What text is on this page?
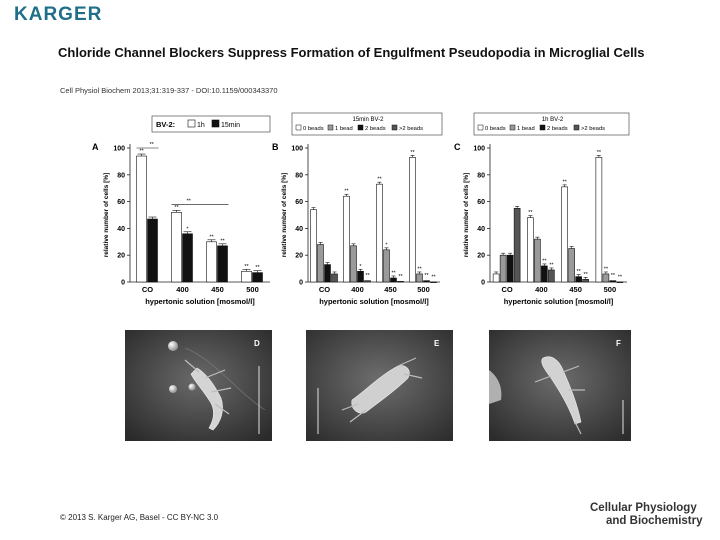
KARGER
Chloride Channel Blockers Suppress Formation of Engulfment Pseudopodia in Microglial Cells
Cell Physiol Biochem 2013;31:319-337 - DOI:10.1159/000343370
A
BV-2:	1h 15min
0
20
40
60
80
100
relative number of cells [%]
**
CO
**
*
400
**
**
450
** **
500
**
**
hypertonic solution [mosmol/l]
B
15min BV-2
0 beads 1 bead 2 beads >2 beads
0
20
40
60
80
100
relative number of cells [%]
CO
**
*
**
400
**
*
**
**
450
**
**
** **
500
hypertonic solution [mosmol/l]
C
1h BV-2
0 beads 1 bead 2 beads >2 beads
0
20
40
60
80
100
relative number of cells [%]
CO
**
**
**
400
**
** **
450
**
**
** **
500
hypertonic solution [mosmol/l]
D	E	F
© 2013 S. Karger AG, Basel - CC BY-NC 3.0
Cellular Physiology
and Biochemistry
